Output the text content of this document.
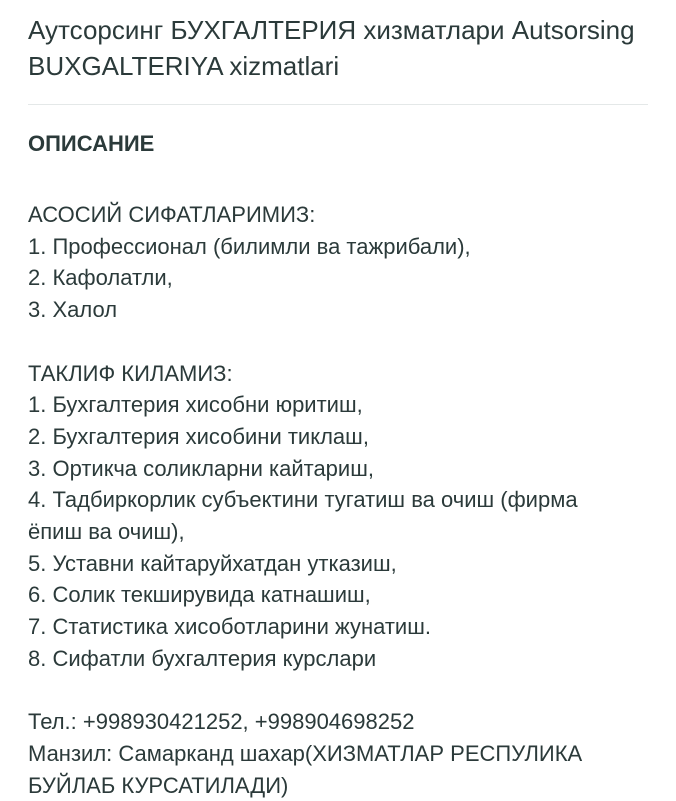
Аутсорсинг БУХГАЛТЕРИЯ хизматлари Autsorsing
BUXGALTERIYA xizmatlari
ОПИСАНИЕ
АСОСИЙ СИФАТЛАРИМИЗ:
1. Профессионал (билимли ва тажрибали),
2. Кафолатли,
3. Халол
ТАКЛИФ КИЛАМИЗ:
1. Бухгалтерия хисобни юритиш,
2. Бухгалтерия хисобини тиклаш,
3. Ортикча соликларни кайтариш,
4. Тадбиркорлик субъектини тугатиш ва очиш (фирма
ёпиш ва очиш),
5. Уставни кайтаруйхатдан утказиш,
6. Солик текширувида катнашиш,
7. Статистика хисоботларини жунатиш.
8. Сифатли бухгалтерия курслари
Тел.: +998930421252, +998904698252
Манзил: Самарканд шахар(ХИЗМАТЛАР РЕСПУЛИКА
БУЙЛАБ КУРСАТИЛАДИ)
